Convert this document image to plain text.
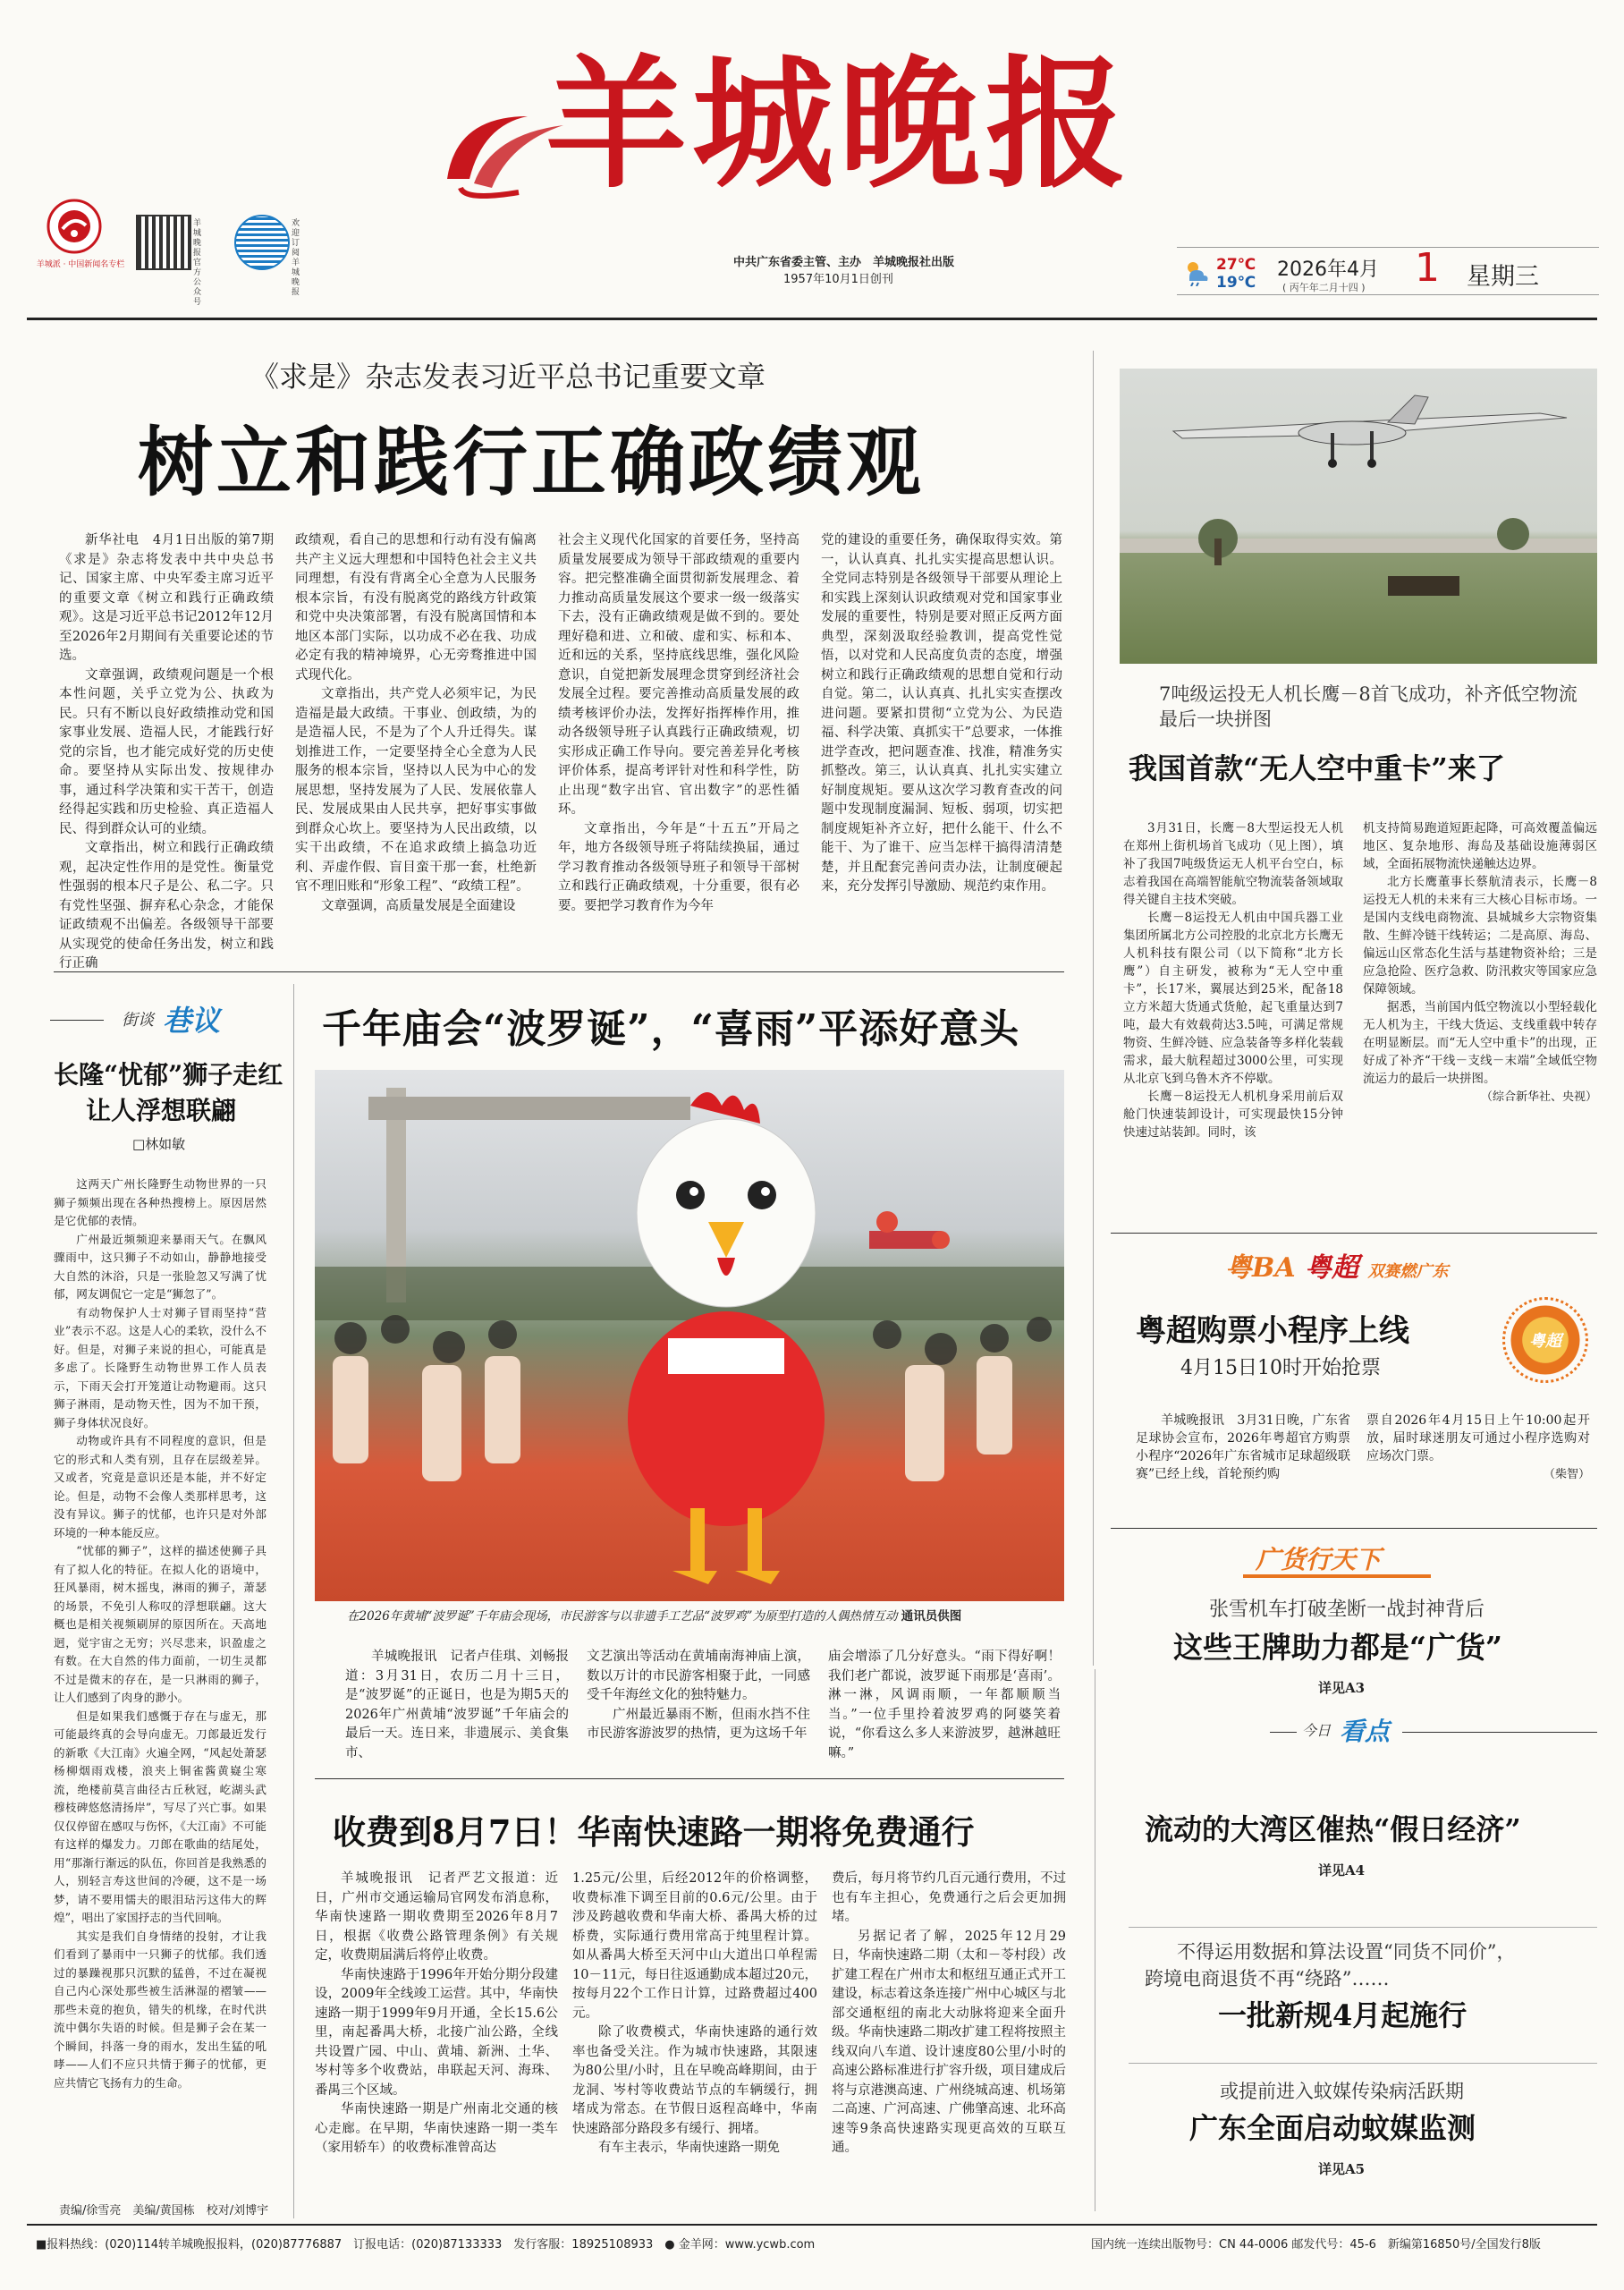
羊城派 · 中国新闻名专栏
羊城晚报官方公众号
欢迎订阅羊城晚报
羊城晚报
中共广东省委主管、主办　羊城晚报社出版
1957年10月1日创刊
27℃
19℃
2026年4月
( 丙午年二月十四 ) 1 星期三
《求是》杂志发表习近平总书记重要文章
树立和践行正确政绩观

新华社电　4月1日出版的第7期《求是》杂志将发表中共中央总书记、国家主席、中央军委主席习近平的重要文章《树立和践行正确政绩观》。这是习近平总书记2012年12月至2026年2月期间有关重要论述的节选。

文章强调，政绩观问题是一个根本性问题，关乎立党为公、执政为民。只有不断以良好政绩推动党和国家事业发展、造福人民，才能践行好党的宗旨，也才能完成好党的历史使命。要坚持从实际出发、按规律办事，通过科学决策和实干苦干，创造经得起实践和历史检验、真正造福人民、得到群众认可的业绩。

文章指出，树立和践行正确政绩观，起决定性作用的是党性。衡量党性强弱的根本尺子是公、私二字。只有党性坚强、摒弃私心杂念，才能保证政绩观不出偏差。各级领导干部要从实现党的使命任务出发，树立和践行正确

政绩观，看自己的思想和行动有没有偏离共产主义远大理想和中国特色社会主义共同理想，有没有背离全心全意为人民服务根本宗旨，有没有脱离党的路线方针政策和党中央决策部署，有没有脱离国情和本地区本部门实际，以功成不必在我、功成必定有我的精神境界，心无旁骛推进中国式现代化。

文章指出，共产党人必须牢记，为民造福是最大政绩。干事业、创政绩，为的是造福人民，不是为了个人升迁得失。谋划推进工作，一定要坚持全心全意为人民服务的根本宗旨，坚持以人民为中心的发展思想，坚持发展为了人民、发展依靠人民、发展成果由人民共享，把好事实事做到群众心坎上。要坚持为人民出政绩，以实干出政绩，不在追求政绩上搞急功近利、弄虚作假、盲目蛮干那一套，杜绝新官不理旧账和“形象工程”、“政绩工程”。

文章强调，高质量发展是全面建设

社会主义现代化国家的首要任务，坚持高质量发展要成为领导干部政绩观的重要内容。把完整准确全面贯彻新发展理念、着力推动高质量发展这个要求一级一级落实下去，没有正确政绩观是做不到的。要处理好稳和进、立和破、虚和实、标和本、近和远的关系，坚持底线思维，强化风险意识，自觉把新发展理念贯穿到经济社会发展全过程。要完善推动高质量发展的政绩考核评价办法，发挥好指挥棒作用，推动各级领导班子认真践行正确政绩观，切实形成正确工作导向。要完善差异化考核评价体系，提高考评针对性和科学性，防止出现“数字出官、官出数字”的恶性循环。

文章指出，今年是“十五五”开局之年，地方各级领导班子将陆续换届，通过学习教育推动各级领导班子和领导干部树立和践行正确政绩观，十分重要，很有必要。要把学习教育作为今年

党的建设的重要任务，确保取得实效。第一，认认真真、扎扎实实提高思想认识。全党同志特别是各级领导干部要从理论上和实践上深刻认识政绩观对党和国家事业发展的重要性，特别是要对照正反两方面典型，深刻汲取经验教训，提高党性觉悟，以对党和人民高度负责的态度，增强树立和践行正确政绩观的思想自觉和行动自觉。第二，认认真真、扎扎实实查摆改进问题。要紧扣贯彻“立党为公、为民造福、科学决策、真抓实干”总要求，一体推进学查改，把问题查准、找准，精准务实抓整改。第三，认认真真、扎扎实实建立好制度规矩。要从这次学习教育查改的问题中发现制度漏洞、短板、弱项，切实把制度规矩补齐立好，把什么能干、什么不能干、为了谁干、应当怎样干搞得清清楚楚，并且配套完善问责办法，让制度硬起来，充分发挥引导激励、规范约束作用。

7吨级运投无人机长鹰－8首飞成功，补齐低空物流最后一块拼图
我国首款“无人空中重卡”来了

3月31日，长鹰－8大型运投无人机在郑州上街机场首飞成功（见上图），填补了我国7吨级货运无人机平台空白，标志着我国在高端智能航空物流装备领域取得关键自主技术突破。

长鹰－8运投无人机由中国兵器工业集团所属北方公司控股的北京北方长鹰无人机科技有限公司（以下简称“北方长鹰”）自主研发，被称为“无人空中重卡”，长17米，翼展达到25米，配备18立方米超大货通式货舱，起飞重量达到7吨，最大有效载荷达3.5吨，可满足常规物资、生鲜冷链、应急装备等多样化装载需求，最大航程超过3000公里，可实现从北京飞到乌鲁木齐不停歇。

长鹰－8运投无人机机身采用前后双舱门快速装卸设计，可实现最快15分钟快速过站装卸。同时，该

机支持简易跑道短距起降，可高效覆盖偏远地区、复杂地形、海岛及基础设施薄弱区域，全面拓展物流快递触达边界。

北方长鹰董事长蔡航清表示，长鹰－8运投无人机的未来有三大核心目标市场。一是国内支线电商物流、县城城乡大宗物资集散、生鲜冷链干线转运；二是高原、海岛、偏远山区常态化生活与基建物资补给；三是应急抢险、医疗急救、防汛救灾等国家应急保障领域。

据悉，当前国内低空物流以小型轻载化无人机为主，干线大货运、支线重载中转存在明显断层。而“无人空中重卡”的出现，正好成了补齐“干线－支线－末端”全域低空物流运力的最后一块拼图。

（综合新华社、央视）

粤BA 粤超 双赛燃广东
粤超购票小程序上线
4月15日10时开始抢票
粤超

羊城晚报讯　3月31日晚，广东省足球协会宣布，2026年粤超官方购票小程序“2026年广东省城市足球超级联赛”已经上线，首轮预约购

票自2026年4月15日上午10:00起开放，届时球迷朋友可通过小程序选购对应场次门票。

（柴智）

街谈 巷议
长隆“忧郁”狮子走红
让人浮想联翩
□林如敏

这两天广州长隆野生动物世界的一只狮子频频出现在各种热搜榜上。原因居然是它优郁的表情。

广州最近频频迎来暴雨天气。在飘风骤雨中，这只狮子不动如山，静静地接受大自然的沐浴，只是一张脸忽又写满了忧郁，网友调侃它一定是“狮忽了”。

有动物保护人士对狮子冒雨坚持“营业”表示不忍。这是人心的柔软，没什么不好。但是，对狮子来说的担心，可能真是多虑了。长隆野生动物世界工作人员表示，下雨天会打开笼道让动物避雨。这只狮子淋雨，是动物天性，因为不加干预，狮子身体状况良好。

动物或许具有不同程度的意识，但是它的形式和人类有别，且存在层级差异。又或者，究竟是意识还是本能，并不好定论。但是，动物不会像人类那样思考，这没有异议。狮子的忧郁，也许只是对外部环境的一种本能反应。

“忧郁的狮子”，这样的描述使狮子具有了拟人化的特征。在拟人化的语境中，狂风暴雨，树木摇曳，淋雨的狮子，萧瑟的场景，不免引人称叹的浮想联翩。这大概也是相关视频刷屏的原因所在。天高地迥，觉宇宙之无穷；兴尽悲来，识盈虚之有数。在大自然的伟力面前，一切生灵都不过是微末的存在，是一只淋雨的狮子，让人们感到了肉身的渺小。

但是如果我们感慨于存在与虚无，那可能最终真的会导向虚无。刀郎最近发行的新歌《大江南》火遍全网，“风起处萧瑟杨柳烟雨戏楼，浪夹上铜雀酱黄嶷尘寒流，绝楼前莫言曲径古丘秋冠，屹湖头武穆枝碑悠悠清扬岸”，写尽了兴亡事。如果仅仅停留在感叹与伤怀，《大江南》不可能有这样的爆发力。刀郎在歌曲的结尾处，用“那渐行渐远的队伍，你回首是我熟悉的人，别轻言寿这世间的冷硬，这不是一场梦，请不要用懦夫的眼泪玷污这伟大的辉煌”，唱出了家国抒志的当代回响。

其实是我们自身情绪的投射，才让我们看到了暴雨中一只狮子的忧郁。我们透过的暴躁视那只沉默的猛兽，不过在凝视自己内心深处那些被生活淋湿的褶皱——那些未竟的抱负，错失的机缘，在时代洪流中偶尔失语的时候。但是狮子会在某一个瞬间，抖落一身的雨水，发出生猛的吼哮——人们不应只共情于狮子的忧郁，更应共情它飞扬有力的生命。

千年庙会“波罗诞”，“喜雨”平添好意头
在2026年黄埔“波罗诞”千年庙会现场，市民游客与以非遗手工艺品“波罗鸡”为原型打造的人偶热情互动 通讯员供图

羊城晚报讯　记者卢佳琪、刘畅报道：3月31日，农历二月十三日，是“波罗诞”的正诞日，也是为期5天的2026年广州黄埔“波罗诞”千年庙会的最后一天。连日来，非遗展示、美食集市、

文艺演出等活动在黄埔南海神庙上演，数以万计的市民游客相聚于此，一同感受千年海丝文化的独特魅力。

广州最近暴雨不断，但雨水挡不住市民游客游波罗的热情，更为这场千年

庙会增添了几分好意头。“雨下得好啊！我们老广都说，波罗诞下雨那是‘喜雨’。淋一淋，风调雨顺，一年都顺顺当当。”一位手里拎着波罗鸡的阿婆笑着说，“你看这么多人来游波罗，越淋越旺嘛。”

收费到8月7日！华南快速路一期将免费通行

羊城晚报讯　记者严艺文报道：近日，广州市交通运输局官网发布消息称，华南快速路一期收费期至2026年8月7日，根据《收费公路管理条例》有关规定，收费期届满后将停止收费。

华南快速路于1996年开始分期分段建设，2009年全线竣工运营。其中，华南快速路一期于1999年9月开通，全长15.6公里，南起番禺大桥，北接广汕公路，全线共设置广园、中山、黄埔、新洲、土华、岑村等多个收费站，串联起天河、海珠、番禺三个区域。

华南快速路一期是广州南北交通的核心走廊。在早期，华南快速路一期一类车（家用轿车）的收费标准曾高达

1.25元/公里，后经2012年的价格调整，收费标准下调至目前的0.6元/公里。由于涉及跨越收费和华南大桥、番禺大桥的过桥费，实际通行费用常高于纯里程计算。如从番禺大桥至天河中山大道出口单程需10－11元，每日往返通勤成本超过20元，按每月22个工作日计算，过路费超过400元。

除了收费模式，华南快速路的通行效率也备受关注。作为城市快速路，其限速为80公里/小时，且在早晚高峰期间，由于龙洞、岑村等收费站节点的车辆缓行，拥堵成为常态。在节假日返程高峰中，华南快速路部分路段多有缓行、拥堵。

有车主表示，华南快速路一期免

费后，每月将节约几百元通行费用，不过也有车主担心，免费通行之后会更加拥堵。

另据记者了解，2025年12月29日，华南快速路二期（太和－苓村段）改扩建工程在广州市太和枢纽互通正式开工建设，标志着这条连接广州中心城区与北部交通枢纽的南北大动脉将迎来全面升级。华南快速路二期改扩建工程将按照主线双向八车道、设计速度80公里/小时的高速公路标准进行扩容升级，项目建成后将与京港澳高速、广州绕城高速、机场第二高速、广河高速、广佛肇高速、北环高速等9条高快速路实现更高效的互联互通。

广货行天下
张雪机车打破垄断一战封神背后
这些王牌助力都是“广货”
详见A3
今日 看点
流动的大湾区催热“假日经济”
详见A4
不得运用数据和算法设置“同货不同价”，
跨境电商退货不再“绕路”……
一批新规4月起施行
或提前进入蚊媒传染病活跃期
广东全面启动蚊媒监测
详见A5
责编/徐雪亮　美编/黄国栋　校对/刘博宇
■报料热线：(020)114转羊城晚报报料，(020)87776887　订报电话：(020)87133333　发行客服：18925108933　● 金羊网：www.ycwb.com	国内统一连续出版物号：CN 44-0006 邮发代号：45-6　新编第16850号/全国发行8版
